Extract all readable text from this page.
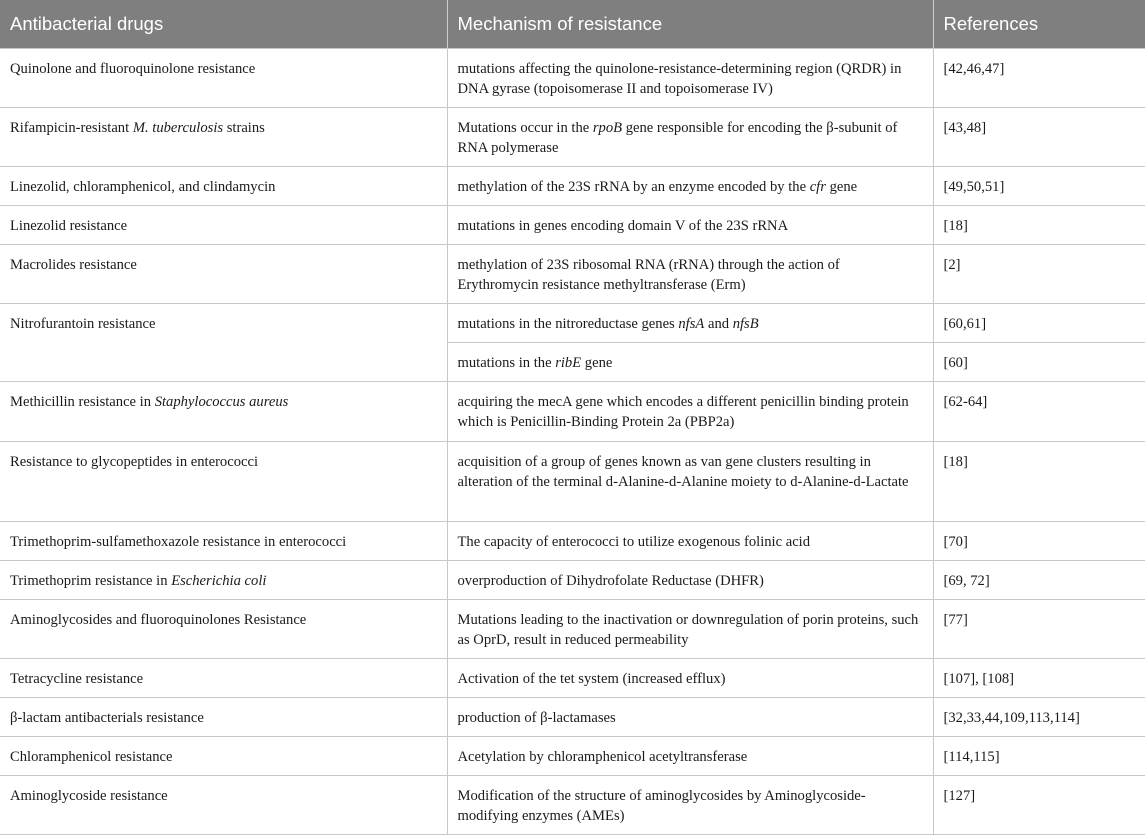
Antibacterial drugs	Mechanism of resistance	References
Quinolone and fluoroquinolone resistance	mutations affecting the quinolone-resistance-determining region (QRDR) in DNA gyrase (topoisomerase II and topoisomerase IV)	[42,46,47]
Rifampicin-resistant M. tuberculosis strains	Mutations occur in the rpoB gene responsible for encoding the β-subunit of RNA polymerase	[43,48]
Linezolid, chloramphenicol, and clindamycin	methylation of the 23S rRNA by an enzyme encoded by the cfr gene	[49,50,51]
Linezolid resistance	mutations in genes encoding domain V of the 23S rRNA	[18]
Macrolides resistance	methylation of 23S ribosomal RNA (rRNA) through the action of Erythromycin resistance methyltransferase (Erm)	[2]
Nitrofurantoin resistance	mutations in the nitroreductase genes nfsA and nfsB	[60,61]
	mutations in the ribE gene	[60]
Methicillin resistance in Staphylococcus aureus	acquiring the mecA gene which encodes a different penicillin binding protein which is Penicillin-Binding Protein 2a (PBP2a)	[62-64]
Resistance to glycopeptides in enterococci	acquisition of a group of genes known as van gene clusters resulting in alteration of the terminal d-Alanine-d-Alanine moiety to d-Alanine-d-Lactate	[18]
Trimethoprim-sulfamethoxazole resistance in enterococci	The capacity of enterococci to utilize exogenous folinic acid	[70]
Trimethoprim resistance in Escherichia coli	overproduction of Dihydrofolate Reductase (DHFR)	[69, 72]
Aminoglycosides and fluoroquinolones Resistance	Mutations leading to the inactivation or downregulation of porin proteins, such as OprD, result in reduced permeability	[77]
Tetracycline resistance	Activation of the tet system (increased efflux)	[107], [108]
β-lactam antibacterials resistance	production of β-lactamases	[32,33,44,109,113,114]
Chloramphenicol resistance	Acetylation by chloramphenicol acetyltransferase	[114,115]
Aminoglycoside resistance	Modification of the structure of aminoglycosides by Aminoglycoside-modifying enzymes (AMEs)	[127]
